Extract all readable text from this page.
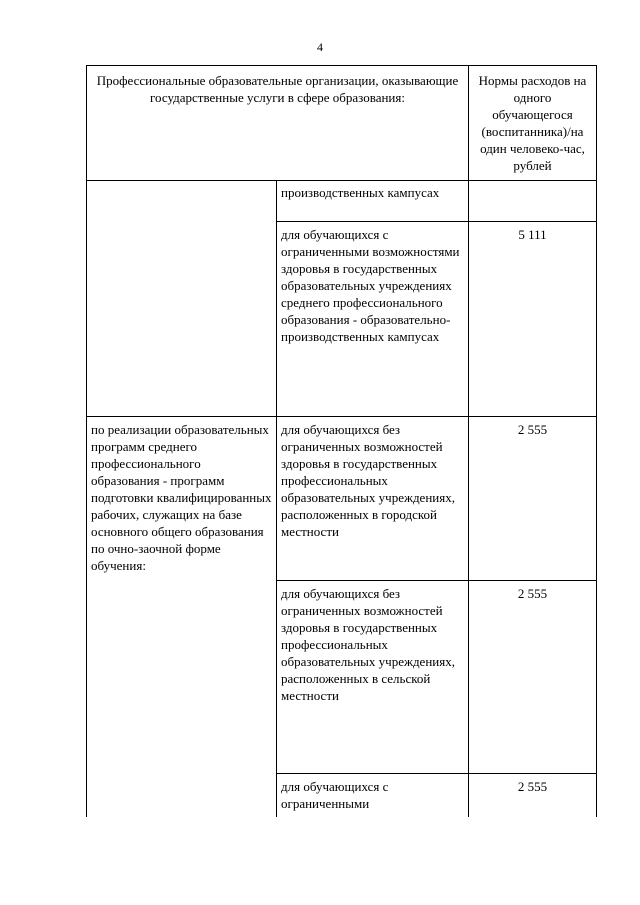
4
Профессиональные образовательные организации, оказывающие государственные услуги в сфере образования:		Нормы расходов на одного обучающегося (воспитанника)/на один человеко-час, рублей

	производственных кампусах	

	для обучающихся с ограниченными возможностями здоровья в государственных образовательных учреждениях среднего профессионального образования - образовательно-производственных кампусах	5 111

по реализации образовательных программ среднего профессионального образования - программ подготовки квалифицированных рабочих, служащих на базе основного общего образования по очно-заочной форме обучения:	для обучающихся без ограниченных возможностей здоровья в государственных профессиональных образовательных учреждениях, расположенных в городской местности	2 555

	для обучающихся без ограниченных возможностей здоровья в государственных профессиональных образовательных учреждениях, расположенных в сельской местности	2 555

	для обучающихся с ограниченными	2 555
